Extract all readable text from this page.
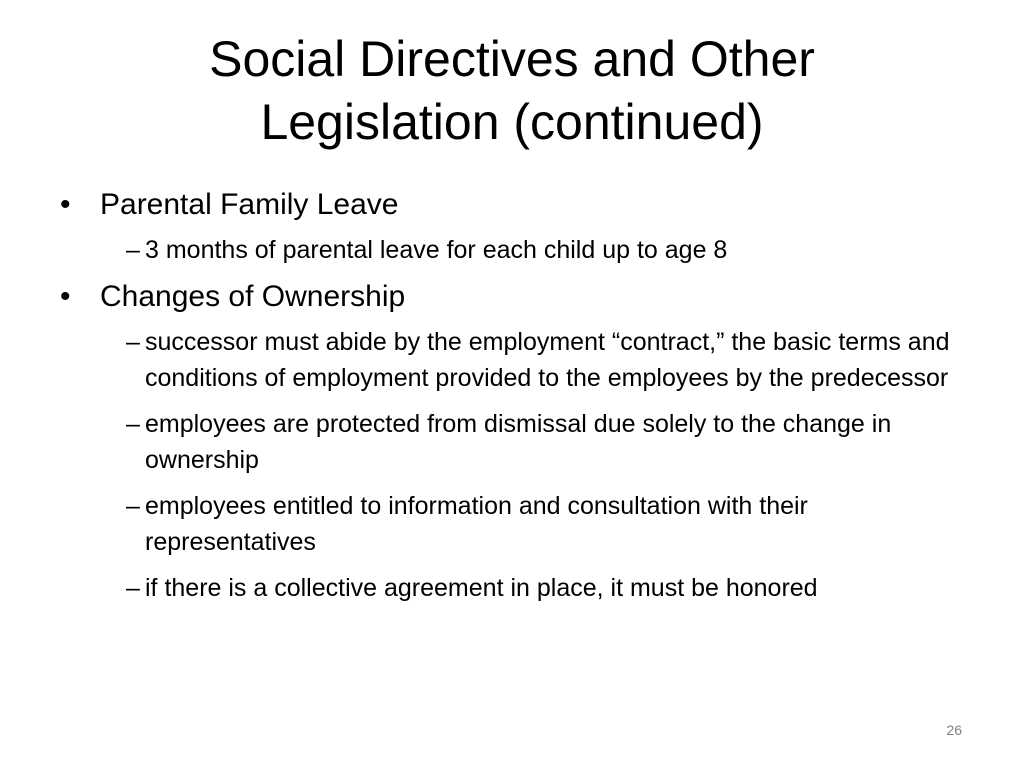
Social Directives and Other
Legislation (continued)
• Parental Family Leave
– 3 months of parental leave for each child up to age 8
• Changes of Ownership
– successor must abide by the employment “contract,” the basic terms and conditions of employment provided to the employees by the predecessor
– employees are protected from dismissal due solely to the change in ownership
– employees entitled to information and consultation with their representatives
– if there is a collective agreement in place, it must be honored
26
